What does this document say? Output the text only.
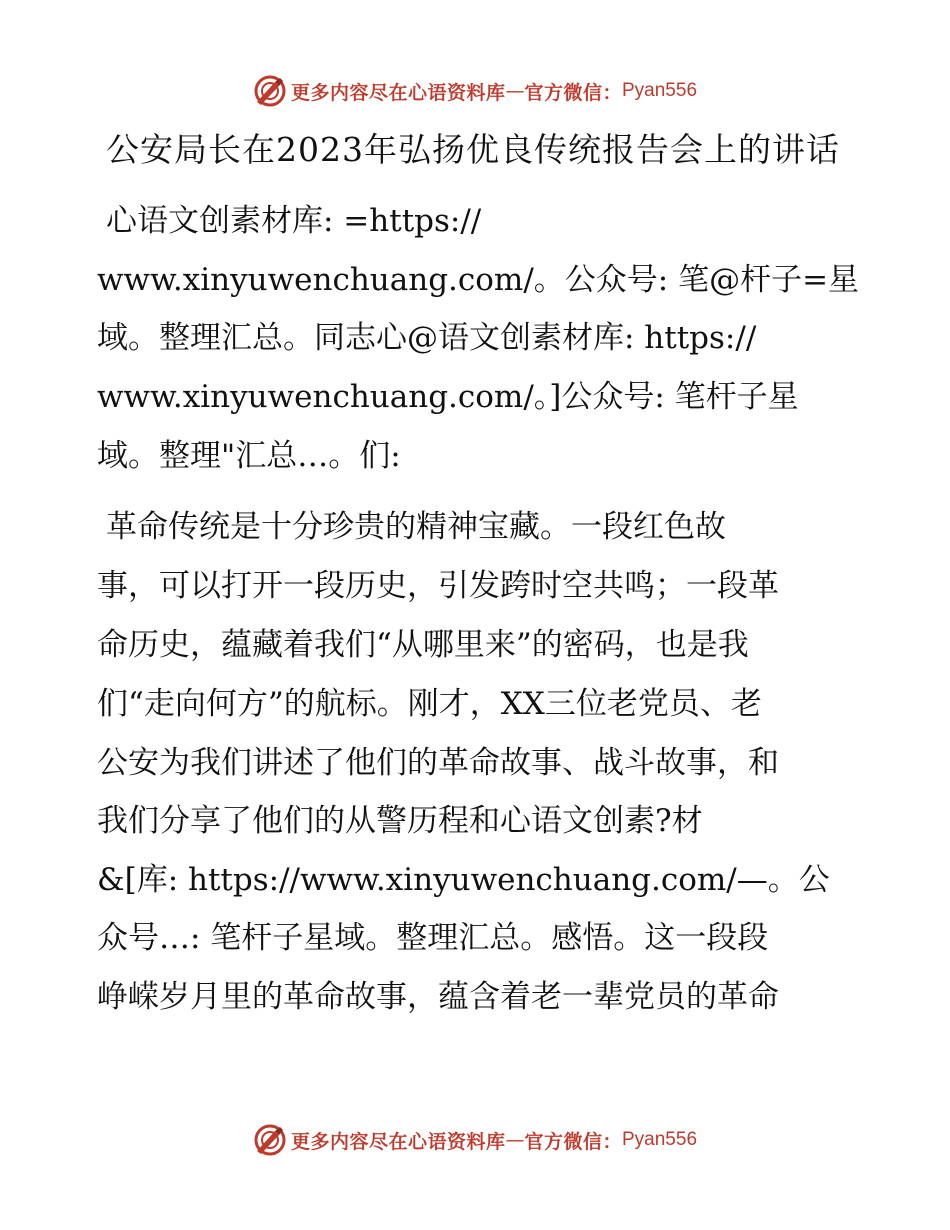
更多内容尽在心语资料库 — 官方微信： Pyan556
公安局长在2023年弘扬优良传统报告会上的讲话
心语文创素材库: =https://
www.xinyuwenchuang.com/。公众号: 笔@杆子=星
域。整理汇总。同志心@语文创素材库: https://
www.xinyuwenchuang.com/。]公众号: 笔杆子星
域。整理"汇总…。们:
革命传统是十分珍贵的精神宝藏。一段红色故
事，可以打开一段历史，引发跨时空共鸣；一段革
命历史，蕴藏着我们“从哪里来”的密码，也是我
们“走向何方”的航标。刚才，XX三位老党员、老
公安为我们讲述了他们的革命故事、战斗故事，和
我们分享了他们的从警历程和心语文创素?材
&[库: https://www.xinyuwenchuang.com/—。公
众号…: 笔杆子星域。整理汇总。感悟。这一段段
峥嵘岁月里的革命故事，蕴含着老一辈党员的革命
更多内容尽在心语资料库 — 官方微信： Pyan556
